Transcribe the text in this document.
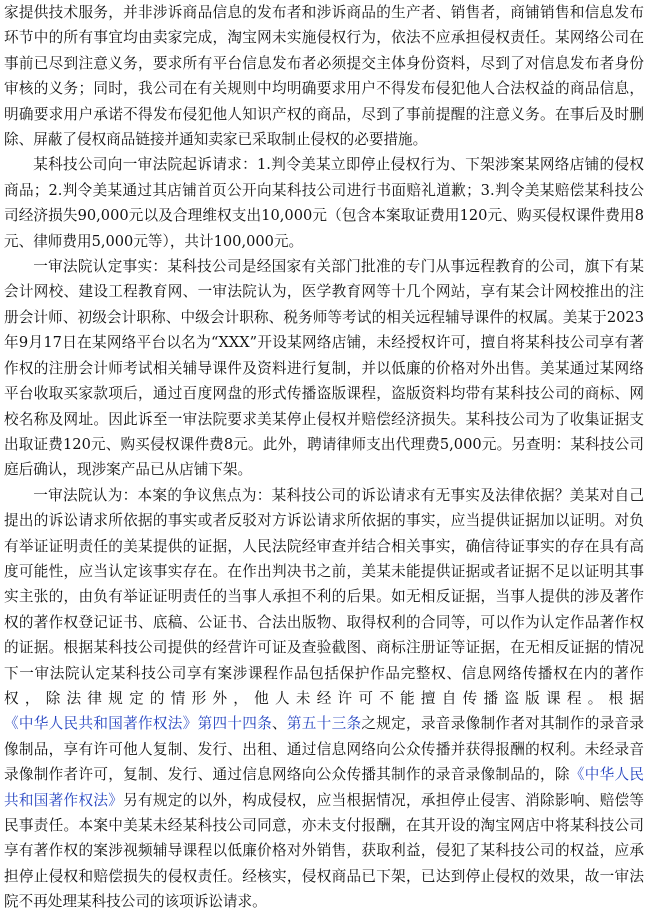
家提供技术服务，并非涉诉商品信息的发布者和涉诉商品的生产者、销售者，商铺销售和信息发布环节中的所有事宜均由卖家完成，淘宝网未实施侵权行为，依法不应承担侵权责任。某网络公司在事前已尽到注意义务，要求所有平台信息发布者必须提交主体身份资料，尽到了对信息发布者身份审核的义务；同时，我公司在有关规则中均明确要求用户不得发布侵犯他人合法权益的商品信息，明确要求用户承诺不得发布侵犯他人知识产权的商品，尽到了事前提醒的注意义务。在事后及时删除、屏蔽了侵权商品链接并通知卖家已采取制止侵权的必要措施。

某科技公司向一审法院起诉请求：1.判令美某立即停止侵权行为、下架涉案某网络店铺的侵权商品；2.判令美某通过其店铺首页公开向某科技公司进行书面赔礼道歉；3.判令美某赔偿某科技公司经济损失90,000元以及合理维权支出10,000元（包含本案取证费用120元、购买侵权课件费用8元、律师费用5,000元等），共计100,000元。

一审法院认定事实：某科技公司是经国家有关部门批准的专门从事远程教育的公司，旗下有某会计网校、建设工程教育网、一审法院认为，医学教育网等十几个网站，享有某会计网校推出的注册会计师、初级会计职称、中级会计职称、税务师等考试的相关远程辅导课件的权属。美某于2023年9月17日在某网络平台以名为“XXX”开设某网络店铺，未经授权许可，擅自将某科技公司享有著作权的注册会计师考试相关辅导课件及资料进行复制，并以低廉的价格对外出售。美某通过某网络平台收取买家款项后，通过百度网盘的形式传播盗版课程，盗版资料均带有某科技公司的商标、网校名称及网址。因此诉至一审法院要求美某停止侵权并赔偿经济损失。某科技公司为了收集证据支出取证费120元、购买侵权课件费8元。此外，聘请律师支出代理费5,000元。另查明：某科技公司庭后确认，现涉案产品已从店铺下架。

一审法院认为：本案的争议焦点为：某科技公司的诉讼请求有无事实及法律依据？美某对自己提出的诉讼请求所依据的事实或者反驳对方诉讼请求所依据的事实，应当提供证据加以证明。对负有举证证明责任的美某提供的证据，人民法院经审查并结合相关事实，确信待证事实的存在具有高度可能性，应当认定该事实存在。在作出判决书之前，美某未能提供证据或者证据不足以证明其事实主张的，由负有举证证明责任的当事人承担不利的后果。如无相反证据，当事人提供的涉及著作权的著作权登记证书、底稿、公证书、合法出版物、取得权利的合同等，可以作为认定作品著作权的证据。根据某科技公司提供的经营许可证及查验截图、商标注册证等证据，在无相反证据的情况下一审法院认定某科技公司享有案涉课程作品包括保护作品完整权、信息网络传播权在内的著作权，除法律规定的情形外，他人未经许可不能擅自传播盗版课程。根据《中华人民共和国著作权法》第四十四条、第五十三条之规定，录音录像制作者对其制作的录音录像制品，享有许可他人复制、发行、出租、通过信息网络向公众传播并获得报酬的权利。未经录音录像制作者许可，复制、发行、通过信息网络向公众传播其制作的录音录像制品的，除《中华人民共和国著作权法》另有规定的以外，构成侵权，应当根据情况，承担停止侵害、消除影响、赔偿等民事责任。本案中美某未经某科技公司同意，亦未支付报酬，在其开设的淘宝网店中将某科技公司享有著作权的案涉视频辅导课程以低廉价格对外销售，获取利益，侵犯了某科技公司的权益，应承担停止侵权和赔偿损失的侵权责任。经核实，侵权商品已下架，已达到停止侵权的效果，故一审法院不再处理某科技公司的该项诉讼请求。
